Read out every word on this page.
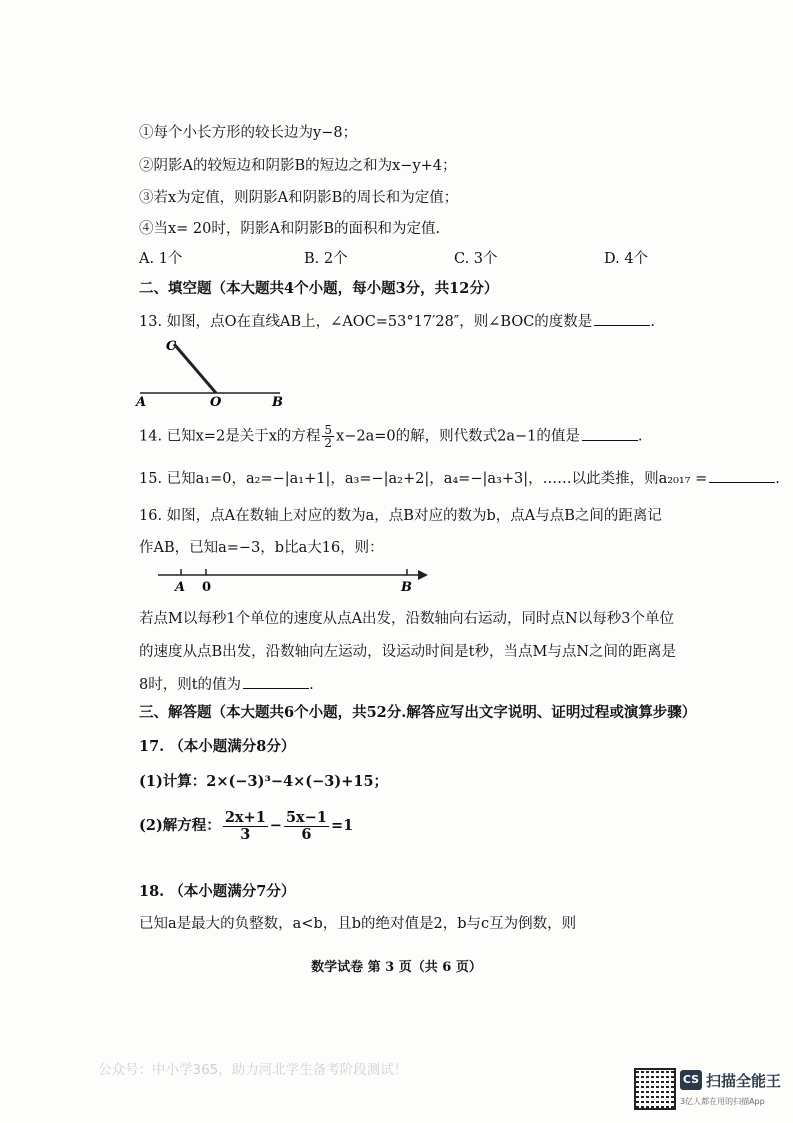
①每个小长方形的较长边为y−8；
②阴影A的较短边和阴影B的短边之和为x−y+4；
③若x为定值，则阴影A和阴影B的周长和为定值；
④当x= 20时，阴影A和阴影B的面积和为定值.
A. 1个	B. 2个	C. 3个	D. 4个
二、填空题（本大题共4个小题，每小题3分，共12分）
13. 如图，点O在直线AB上，∠AOC=53°17′28″，则∠BOC的度数是	.
C
A	O	B
14. 已知x=2是关于x的方程 $\frac{5}{2} x-2a=0$的解，则代数式2a−1的值是	.
15. 已知a₁=0，a₂=−|a₁+1|，a₃=−|a₂+2|，a₄=−|a₃+3|，……以此类推，则a₂₀₁₇ =	.
16. 如图，点A在数轴上对应的数为a，点B对应的数为b，点A与点B之间的距离记
作AB，已知a=−3，b比a大16，则：
A 0	B
若点M以每秒1个单位的速度从点A出发，沿数轴向右运动，同时点N以每秒3个单位
的速度从点B出发，沿数轴向左运动，设运动时间是t秒，当点M与点N之间的距离是
8时，则t的值为	.
三、解答题（本大题共6个小题，共52分.解答应写出文字说明、证明过程或演算步骤）
17. （本小题满分8分）
(1)计算：2×(−3)³−4×(−3)+15；
(2)解方程： $\frac{2x+1}{3} - \frac{5x-1}{6} =1$
18. （本小题满分7分）
已知a是最大的负整数，a<b，且b的绝对值是2，b与c互为倒数，则
数学试卷 第 3 页（共 6 页）
公众号：中小学365，助力河北学生备考阶段测试！
CS 扫描全能王
3亿人都在用的扫描App
